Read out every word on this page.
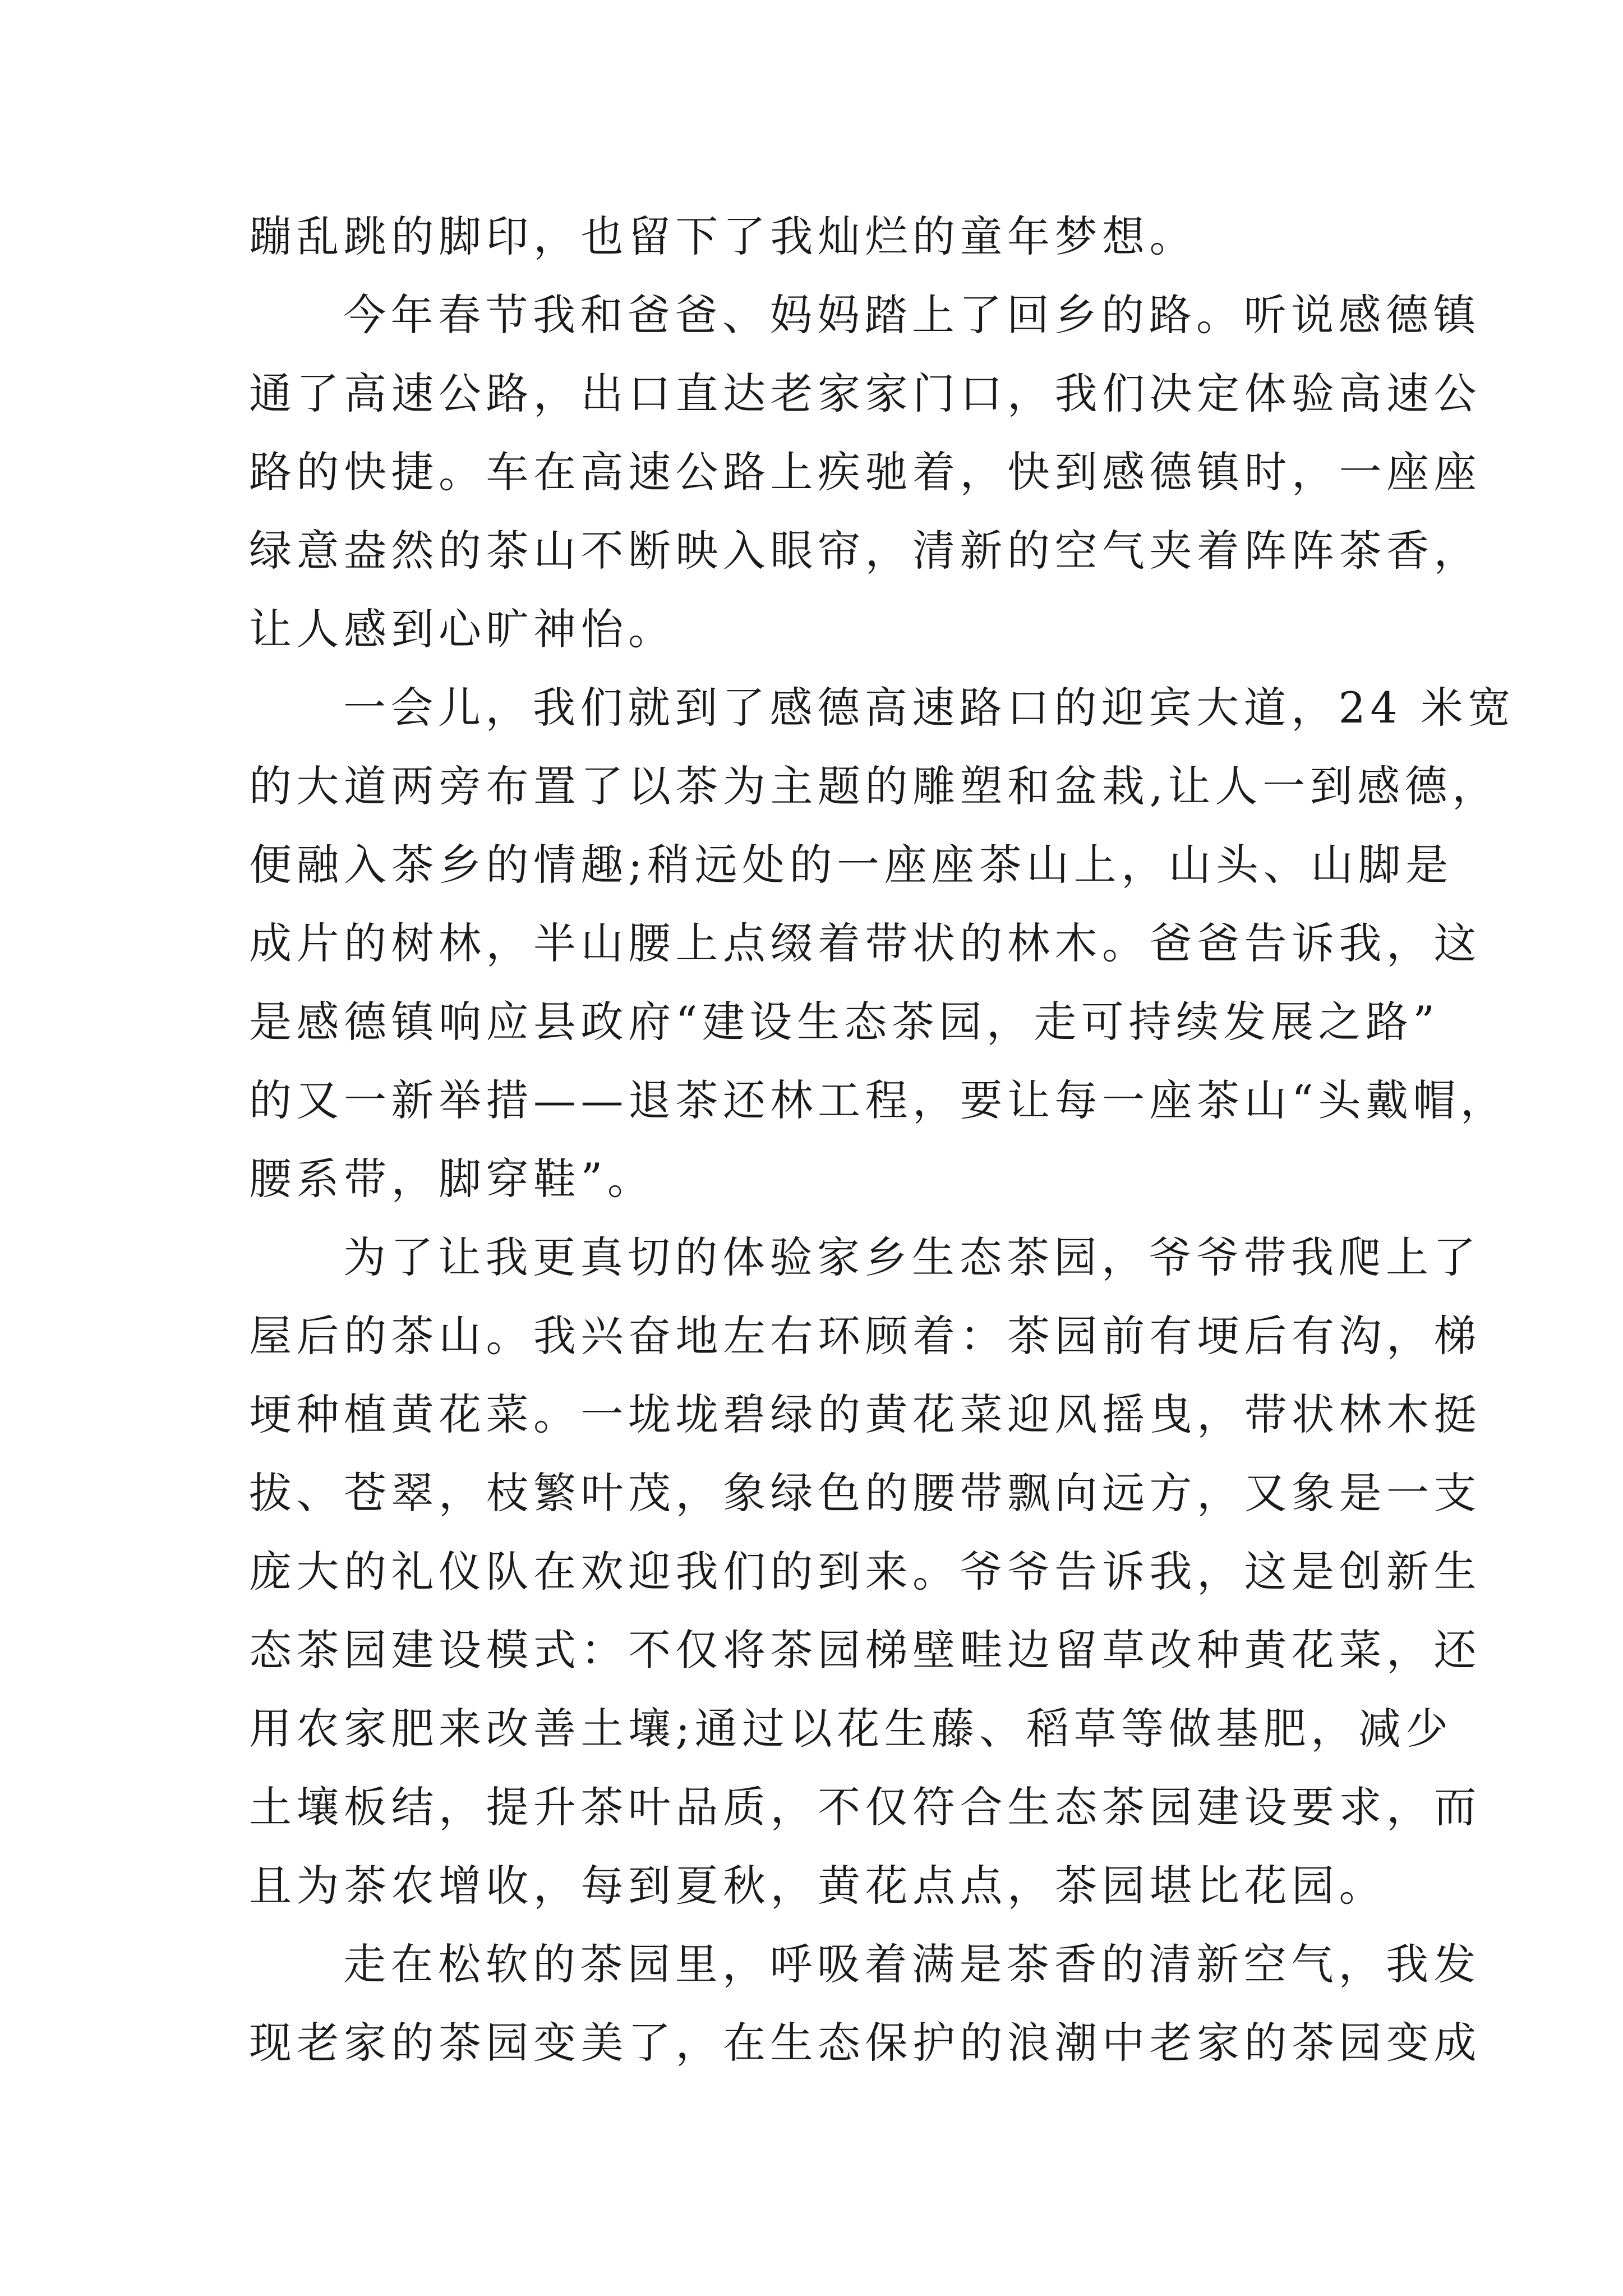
蹦乱跳的脚印，也留下了我灿烂的童年梦想。
今年春节我和爸爸、妈妈踏上了回乡的路。听说感德镇
通了高速公路，出口直达老家家门口，我们决定体验高速公
路的快捷。车在高速公路上疾驰着，快到感德镇时，一座座
绿意盎然的茶山不断映入眼帘，清新的空气夹着阵阵茶香，
让人感到心旷神怡。
一会儿，我们就到了感德高速路口的迎宾大道，24 米宽
的大道两旁布置了以茶为主题的雕塑和盆栽,让人一到感德，
便融入茶乡的情趣;稍远处的一座座茶山上，山头、山脚是
成片的树林，半山腰上点缀着带状的林木。爸爸告诉我，这
是感德镇响应县政府“建设生态茶园，走可持续发展之路”
的又一新举措——退茶还林工程，要让每一座茶山“头戴帽，
腰系带，脚穿鞋”。
为了让我更真切的体验家乡生态茶园，爷爷带我爬上了
屋后的茶山。我兴奋地左右环顾着：茶园前有埂后有沟，梯
埂种植黄花菜。一垅垅碧绿的黄花菜迎风摇曳，带状林木挺
拔、苍翠，枝繁叶茂，象绿色的腰带飘向远方，又象是一支
庞大的礼仪队在欢迎我们的到来。爷爷告诉我，这是创新生
态茶园建设模式：不仅将茶园梯壁畦边留草改种黄花菜，还
用农家肥来改善土壤;通过以花生藤、稻草等做基肥，减少
土壤板结，提升茶叶品质，不仅符合生态茶园建设要求，而
且为茶农增收，每到夏秋，黄花点点，茶园堪比花园。
走在松软的茶园里，呼吸着满是茶香的清新空气，我发
现老家的茶园变美了，在生态保护的浪潮中老家的茶园变成
